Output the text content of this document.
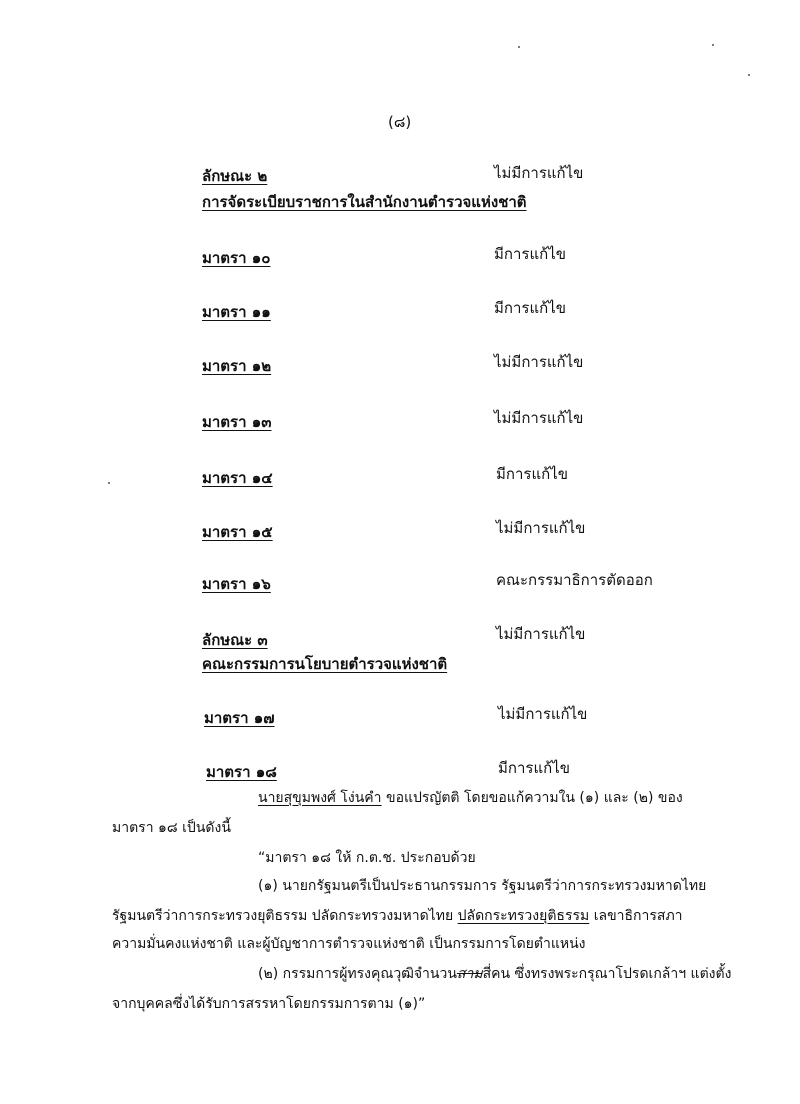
(๘)
ลักษณะ ๒	ไม่มีการแก้ไข
การจัดระเบียบราชการในสำนักงานตำรวจแห่งชาติ
มาตรา ๑๐	มีการแก้ไข
มาตรา ๑๑	มีการแก้ไข
มาตรา ๑๒	ไม่มีการแก้ไข
มาตรา ๑๓	ไม่มีการแก้ไข
มาตรา ๑๔	มีการแก้ไข
มาตรา ๑๕	ไม่มีการแก้ไข
มาตรา ๑๖	คณะกรรมาธิการตัดออก
ลักษณะ ๓	ไม่มีการแก้ไข
คณะกรรมการนโยบายตำรวจแห่งชาติ
มาตรา ๑๗	ไม่มีการแก้ไข
มาตรา ๑๘	มีการแก้ไข
นายสุขุมพงศ์ โง่นคำ ขอแปรญัตติ โดยขอแก้ความใน (๑) และ (๒) ของ
มาตรา ๑๘ เป็นดังนี้
“มาตรา ๑๘ ให้ ก.ต.ช. ประกอบด้วย
(๑) นายกรัฐมนตรีเป็นประธานกรรมการ รัฐมนตรีว่าการกระทรวงมหาดไทย
รัฐมนตรีว่าการกระทรวงยุติธรรม ปลัดกระทรวงมหาดไทย ปลัดกระทรวงยุติธรรม เลขาธิการสภา
ความมั่นคงแห่งชาติ และผู้บัญชาการตำรวจแห่งชาติ เป็นกรรมการโดยตำแหน่ง
(๒) กรรมการผู้ทรงคุณวุฒิจำนวนสามสี่คน ซึ่งทรงพระกรุณาโปรดเกล้าฯ แต่งตั้ง
จากบุคคลซึ่งได้รับการสรรหาโดยกรรมการตาม (๑)”
